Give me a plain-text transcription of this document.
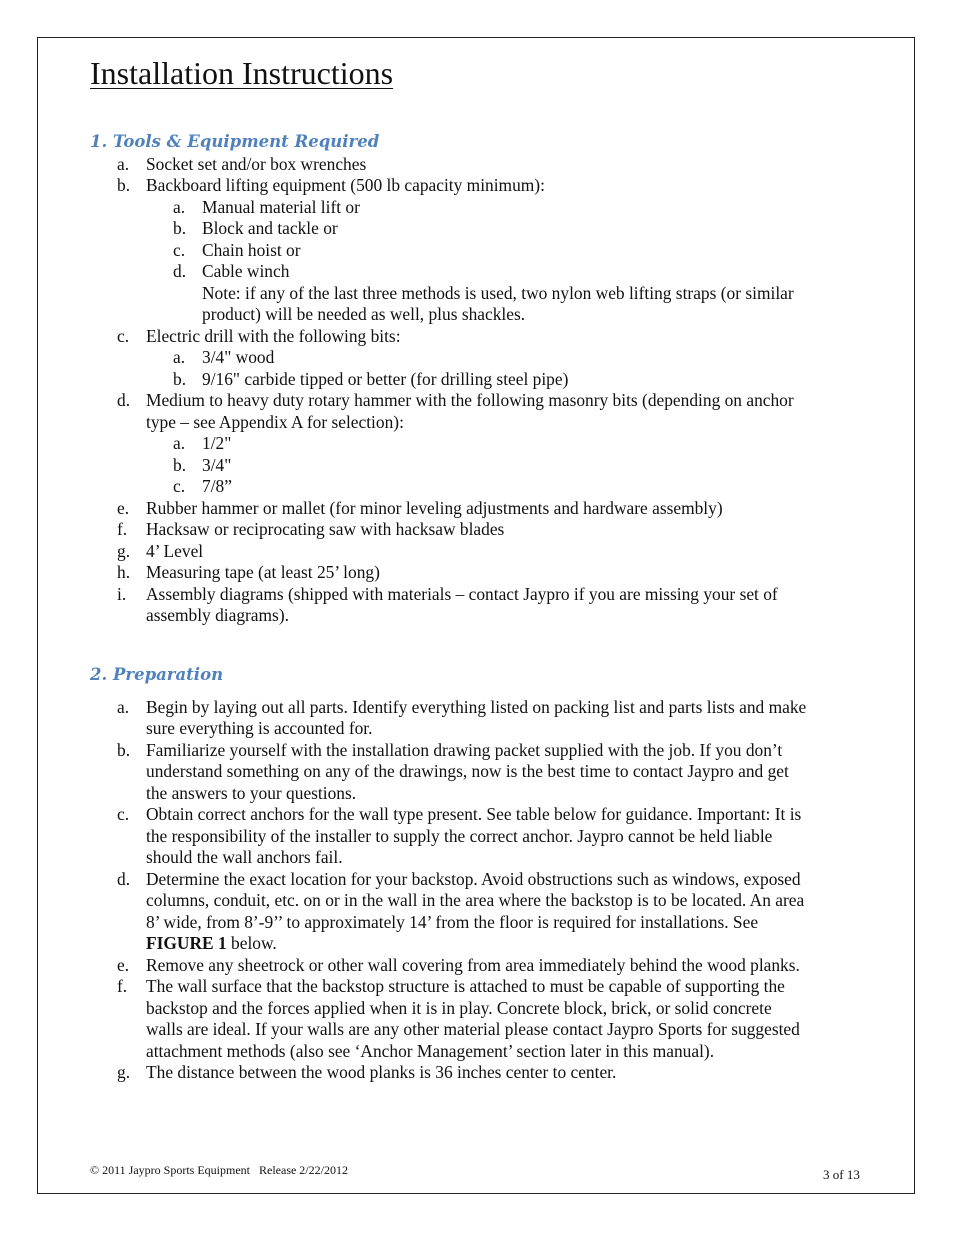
Installation Instructions
1. Tools & Equipment Required
a. Socket set and/or box wrenches
b. Backboard lifting equipment (500 lb capacity minimum):
a. Manual material lift or
b. Block and tackle or
c. Chain hoist or
d. Cable winch
Note: if any of the last three methods is used, two nylon web lifting straps (or similar
product) will be needed as well, plus shackles.
c. Electric drill with the following bits:
a. 3/4" wood
b. 9/16" carbide tipped or better (for drilling steel pipe)
d. Medium to heavy duty rotary hammer with the following masonry bits (depending on anchor
type – see Appendix A for selection):
a. 1/2"
b. 3/4"
c. 7/8”
e. Rubber hammer or mallet (for minor leveling adjustments and hardware assembly)
f. Hacksaw or reciprocating saw with hacksaw blades
g. 4’ Level
h. Measuring tape (at least 25’ long)
i. Assembly diagrams (shipped with materials – contact Jaypro if you are missing your set of
assembly diagrams).
2. Preparation
a. Begin by laying out all parts. Identify everything listed on packing list and parts lists and make
sure everything is accounted for.
b. Familiarize yourself with the installation drawing packet supplied with the job. If you don’t
understand something on any of the drawings, now is the best time to contact Jaypro and get
the answers to your questions.
c. Obtain correct anchors for the wall type present. See table below for guidance. Important: It is
the responsibility of the installer to supply the correct anchor. Jaypro cannot be held liable
should the wall anchors fail.
d. Determine the exact location for your backstop. Avoid obstructions such as windows, exposed
columns, conduit, etc. on or in the wall in the area where the backstop is to be located. An area
8’ wide, from 8’-9’’ to approximately 14’ from the floor is required for installations. See
FIGURE 1 below.
e. Remove any sheetrock or other wall covering from area immediately behind the wood planks.
f. The wall surface that the backstop structure is attached to must be capable of supporting the
backstop and the forces applied when it is in play. Concrete block, brick, or solid concrete
walls are ideal. If your walls are any other material please contact Jaypro Sports for suggested
attachment methods (also see ‘Anchor Management’ section later in this manual).
g. The distance between the wood planks is 36 inches center to center.
© 2011 Jaypro Sports Equipment   Release 2/22/2012	3 of 13
